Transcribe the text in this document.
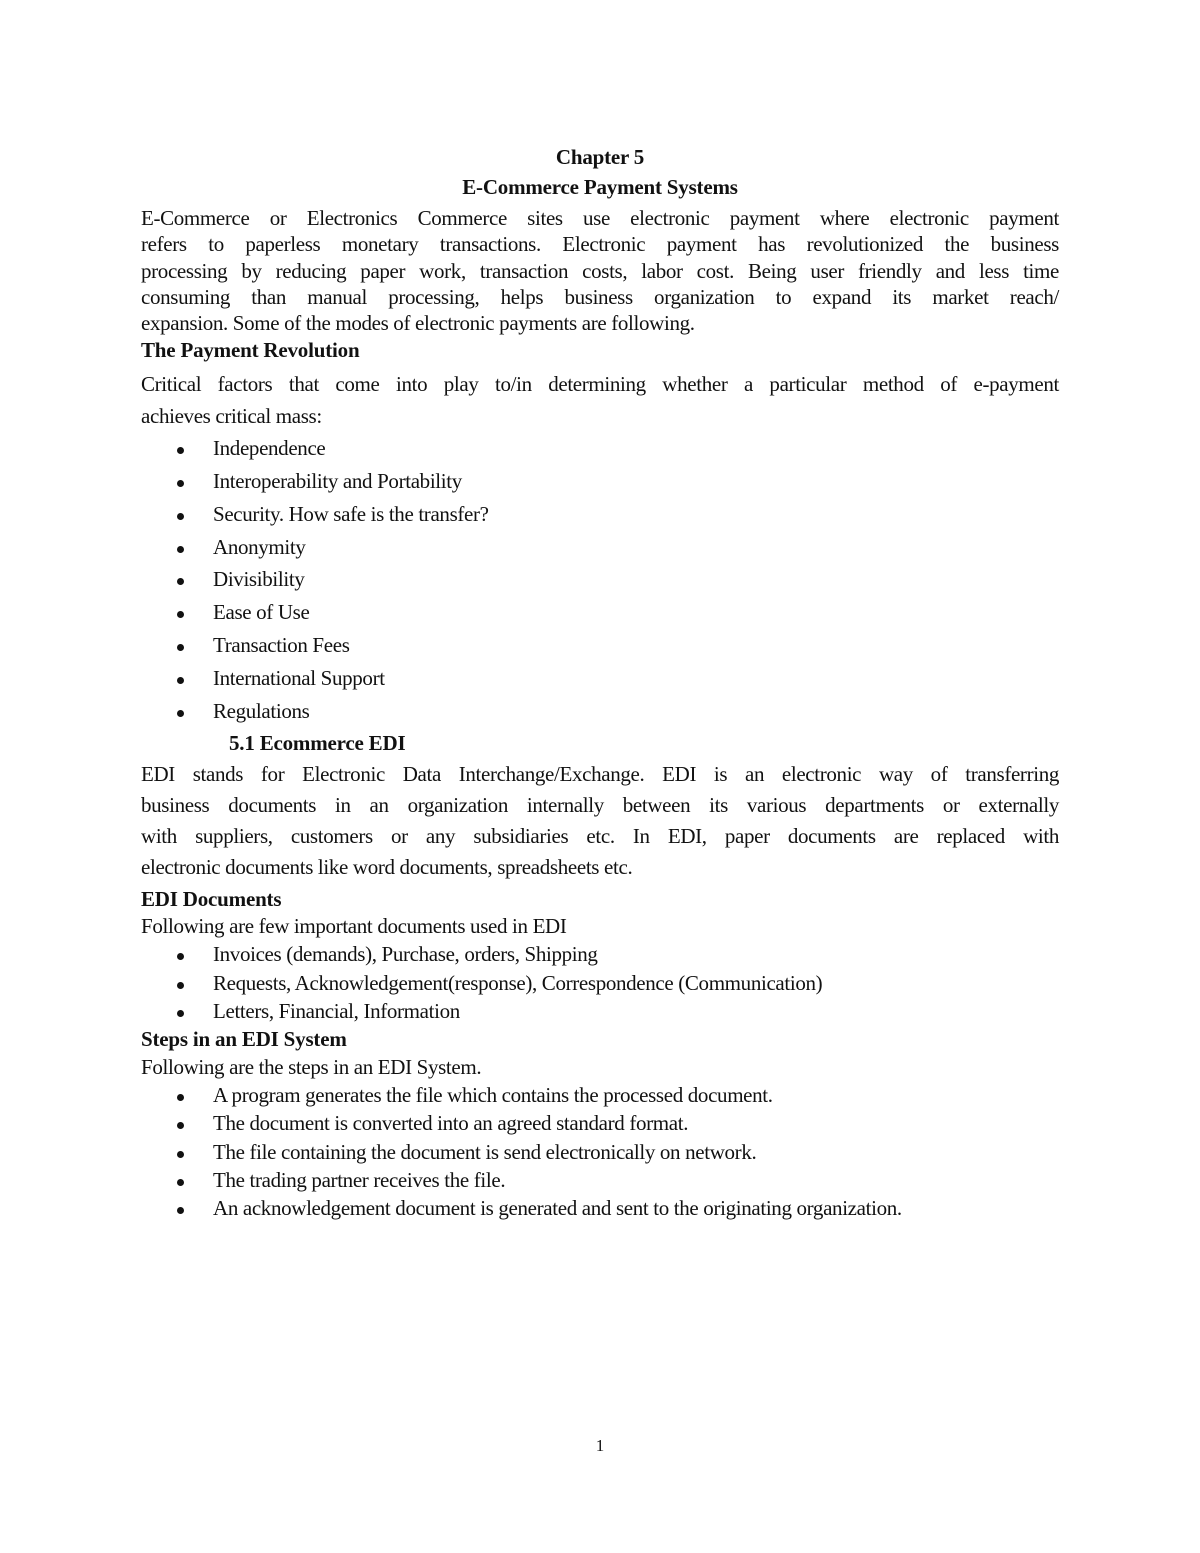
Chapter 5
E-Commerce Payment Systems
E-Commerce or Electronics Commerce sites use electronic payment where electronic payment
refers to paperless monetary transactions. Electronic payment has revolutionized the business
processing by reducing paper work, transaction costs, labor cost. Being user friendly and less time
consuming than manual processing, helps business organization to expand its market reach/
expansion. Some of the modes of electronic payments are following.
The Payment Revolution
Critical factors that come into play to/in determining whether a particular method of e-payment
achieves critical mass:
Independence
Interoperability and Portability
Security. How safe is the transfer?
Anonymity
Divisibility
Ease of Use
Transaction Fees
International Support
Regulations
5.1 Ecommerce EDI
EDI stands for Electronic Data Interchange/Exchange. EDI is an electronic way of transferring
business documents in an organization internally between its various departments or externally
with suppliers, customers or any subsidiaries etc. In EDI, paper documents are replaced with
electronic documents like word documents, spreadsheets etc.
EDI Documents
Following are few important documents used in EDI
Invoices (demands), Purchase, orders, Shipping
Requests, Acknowledgement(response), Correspondence (Communication)
Letters, Financial, Information
Steps in an EDI System
Following are the steps in an EDI System.
A program generates the file which contains the processed document.
The document is converted into an agreed standard format.
The file containing the document is send electronically on network.
The trading partner receives the file.
An acknowledgement document is generated and sent to the originating organization.
1
